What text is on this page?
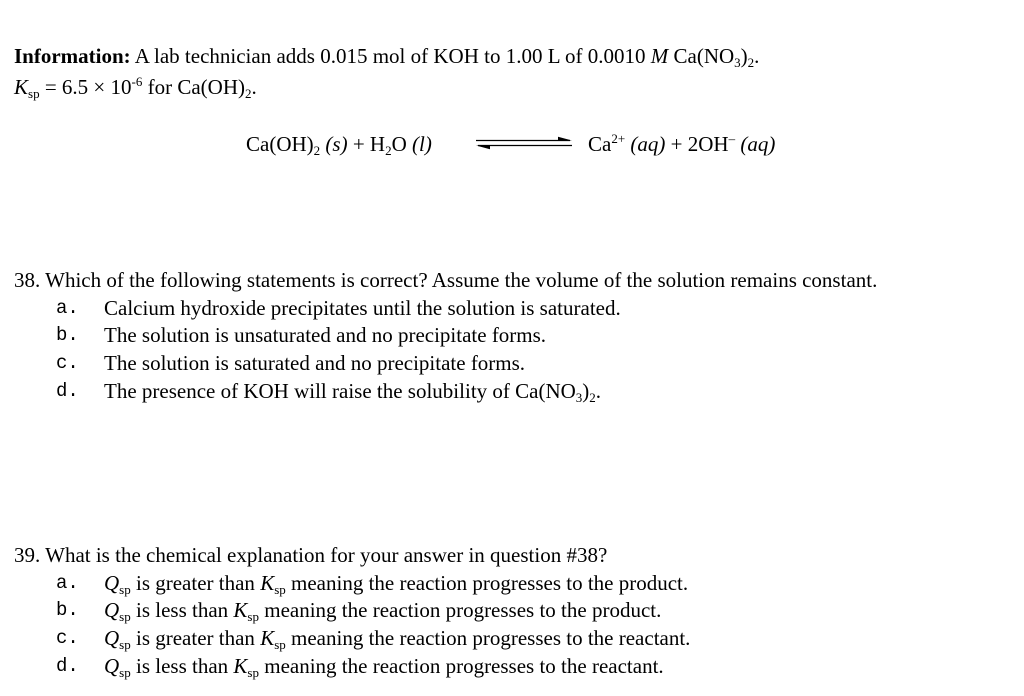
Information: A lab technician adds 0.015 mol of KOH to 1.00 L of 0.0010 M $Ca(NO_3)_2$.
$K_{sp} = 6.5 \times 10^{-6}$ for $Ca(OH)_2$.
$Ca(OH)_2$ $(s) + H_2O$ (l)	$Ca^{2+}$ (aq) + 2OH– (aq)
38. Which of the following statements is correct? Assume the volume of the solution remains constant.
a. Calcium hydroxide precipitates until the solution is saturated.
b. The solution is unsaturated and no precipitate forms.
c. The solution is saturated and no precipitate forms.
d. The presence of KOH will raise the solubility of $Ca(NO_3)_2$.
39. What is the chemical explanation for your answer in question #38?
a. $Q_{sp}$ is greater than $K_{sp}$ meaning the reaction progresses to the product.
b. $Q_{sp}$ is less than $K_{sp}$ meaning the reaction progresses to the product.
c. $Q_{sp}$ is greater than $K_{sp}$ meaning the reaction progresses to the reactant.
d. $Q_{sp}$ is less than $K_{sp}$ meaning the reaction progresses to the reactant.
